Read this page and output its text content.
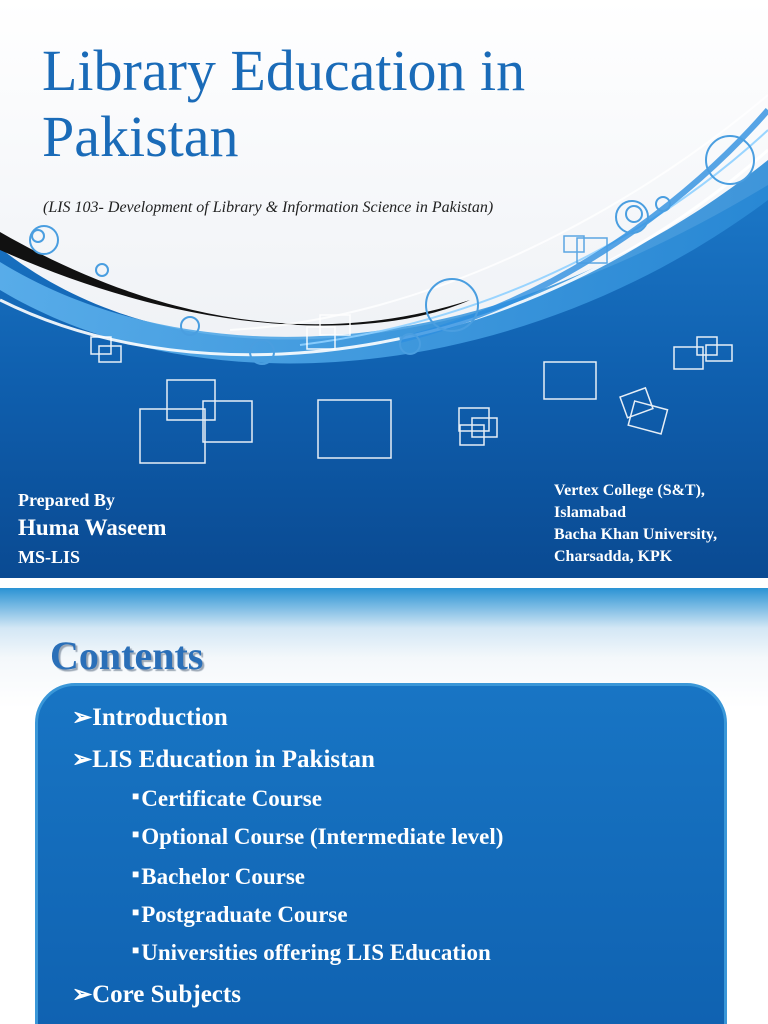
Library Education in Pakistan
(LIS 103- Development of Library & Information Science in Pakistan)
Prepared By
Huma Waseem
MS-LIS
Vertex College (S&T),
Islamabad
Bacha Khan University,
Charsadda, KPK
Contents
➢Introduction
➢LIS Education in Pakistan
■Certificate Course
■Optional Course (Intermediate level)
■Bachelor Course
■Postgraduate Course
■Universities offering LIS Education
➢Core Subjects
